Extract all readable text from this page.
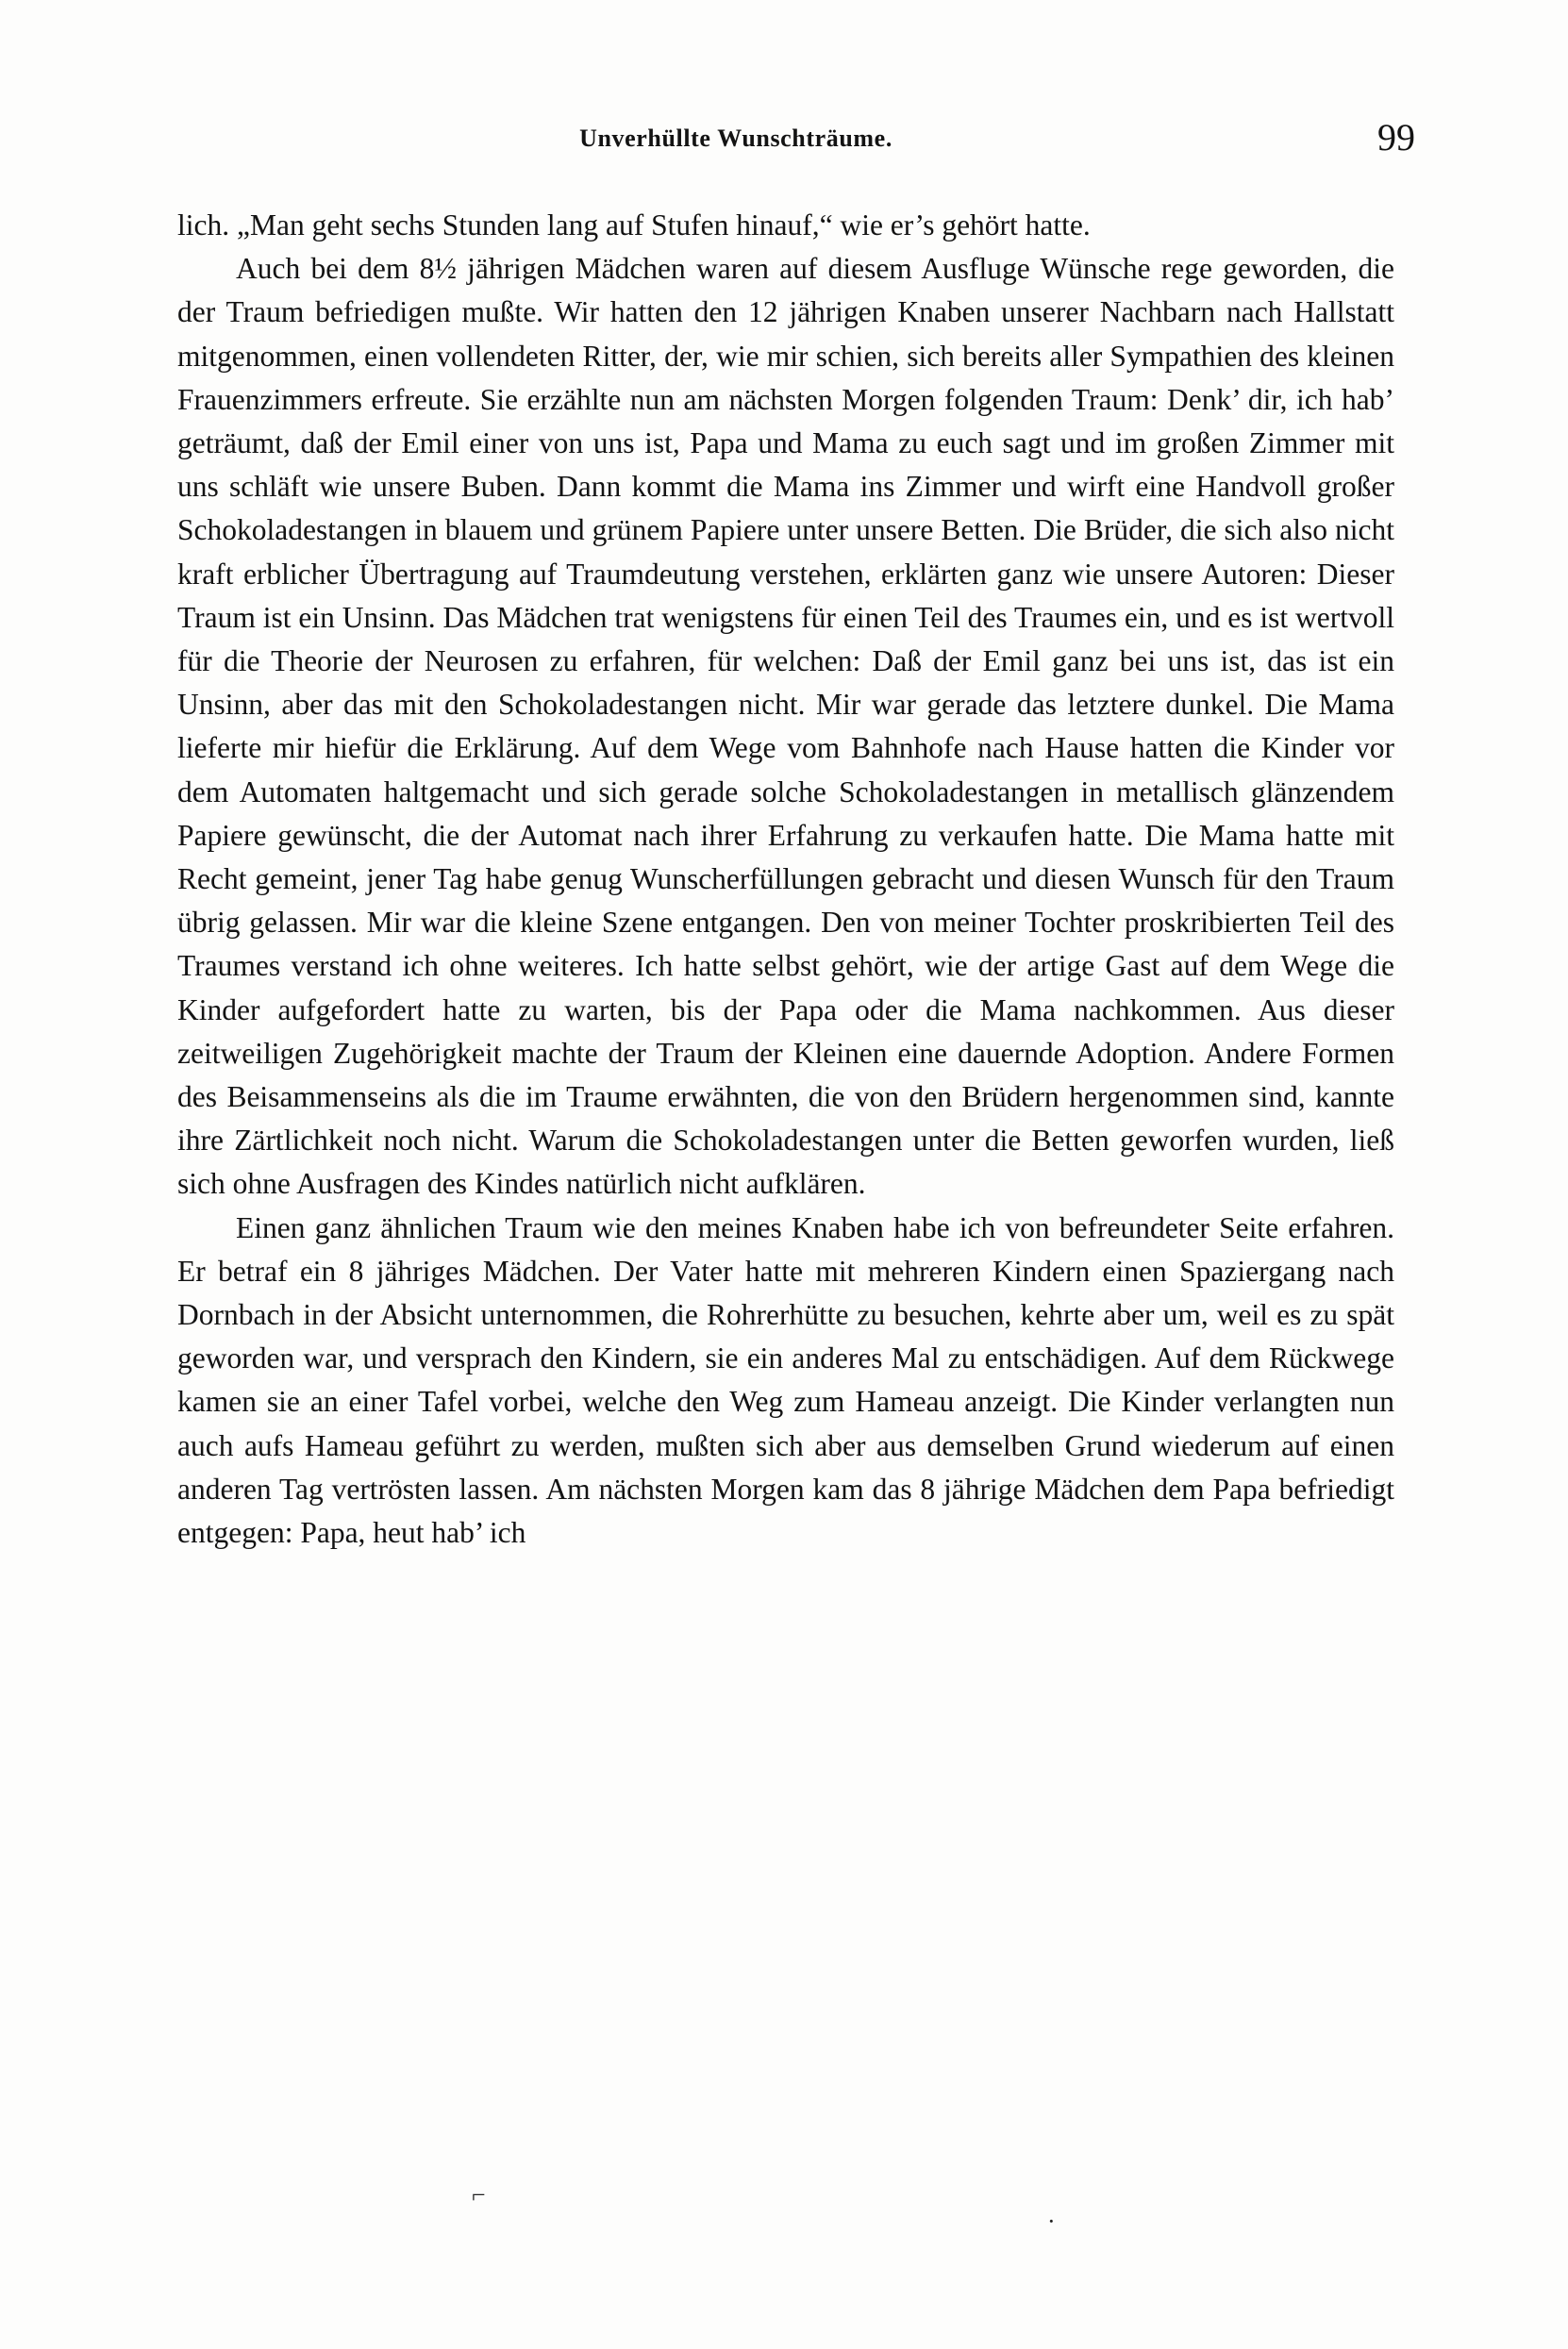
Unverhüllte Wunschträume.	99

lich. „Man geht sechs Stunden lang auf Stufen hinauf,“ wie er’s gehört hatte.

Auch bei dem 8½ jährigen Mädchen waren auf diesem Ausfluge Wünsche rege geworden, die der Traum befriedigen mußte. Wir hatten den 12 jährigen Knaben unserer Nachbarn nach Hallstatt mitgenommen, einen vollendeten Ritter, der, wie mir schien, sich bereits aller Sympathien des kleinen Frauenzimmers erfreute. Sie erzählte nun am nächsten Morgen folgenden Traum: Denk’ dir, ich hab’ geträumt, daß der Emil einer von uns ist, Papa und Mama zu euch sagt und im großen Zimmer mit uns schläft wie unsere Buben. Dann kommt die Mama ins Zimmer und wirft eine Handvoll großer Schokoladestangen in blauem und grünem Papiere unter unsere Betten. Die Brüder, die sich also nicht kraft erblicher Übertragung auf Traumdeutung verstehen, erklärten ganz wie unsere Autoren: Dieser Traum ist ein Unsinn. Das Mädchen trat wenigstens für einen Teil des Traumes ein, und es ist wertvoll für die Theorie der Neurosen zu erfahren, für welchen: Daß der Emil ganz bei uns ist, das ist ein Unsinn, aber das mit den Schokoladestangen nicht. Mir war gerade das letztere dunkel. Die Mama lieferte mir hiefür die Erklärung. Auf dem Wege vom Bahnhofe nach Hause hatten die Kinder vor dem Automaten haltgemacht und sich gerade solche Schokoladestangen in metallisch glänzendem Papiere gewünscht, die der Automat nach ihrer Erfahrung zu verkaufen hatte. Die Mama hatte mit Recht gemeint, jener Tag habe genug Wunscherfüllungen gebracht und diesen Wunsch für den Traum übrig gelassen. Mir war die kleine Szene entgangen. Den von meiner Tochter proskribierten Teil des Traumes verstand ich ohne weiteres. Ich hatte selbst gehört, wie der artige Gast auf dem Wege die Kinder aufgefordert hatte zu warten, bis der Papa oder die Mama nachkommen. Aus dieser zeitweiligen Zugehörigkeit machte der Traum der Kleinen eine dauernde Adoption. Andere Formen des Beisammenseins als die im Traume erwähnten, die von den Brüdern hergenommen sind, kannte ihre Zärtlichkeit noch nicht. Warum die Schokoladestangen unter die Betten geworfen wurden, ließ sich ohne Ausfragen des Kindes natürlich nicht aufklären.

Einen ganz ähnlichen Traum wie den meines Knaben habe ich von befreundeter Seite erfahren. Er betraf ein 8 jähriges Mädchen. Der Vater hatte mit mehreren Kindern einen Spaziergang nach Dornbach in der Absicht unternommen, die Rohrerhütte zu besuchen, kehrte aber um, weil es zu spät geworden war, und versprach den Kindern, sie ein anderes Mal zu entschädigen. Auf dem Rückwege kamen sie an einer Tafel vorbei, welche den Weg zum Hameau anzeigt. Die Kinder verlangten nun auch aufs Hameau geführt zu werden, mußten sich aber aus demselben Grund wiederum auf einen anderen Tag vertrösten lassen. Am nächsten Morgen kam das 8 jährige Mädchen dem Papa befriedigt entgegen: Papa, heut hab’ ich

⌐
·
